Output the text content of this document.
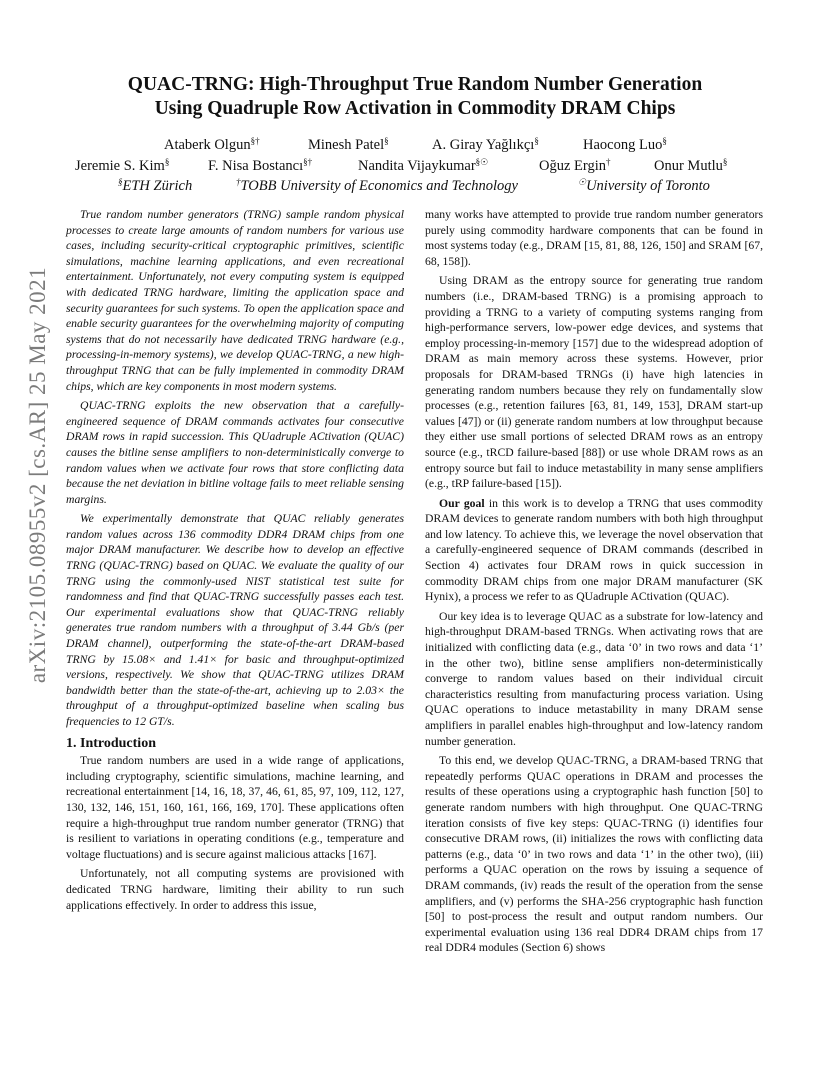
arXiv:2105.08955v2 [cs.AR] 25 May 2021
QUAC-TRNG: High-Throughput True Random Number Generation
Using Quadruple Row Activation in Commodity DRAM Chips
Ataberk Olgun§†	Minesh Patel§	A. Giray Yağlıkçı§	Haocong Luo§
Jeremie S. Kim§	F. Nisa Bostancı§†	Nandita Vijaykumar§☉	Oğuz Ergin†	Onur Mutlu§
§ETH Zürich	†TOBB University of Economics and Technology	☉University of Toronto

True random number generators (TRNG) sample random physical processes to create large amounts of random numbers for various use cases, including security-critical cryptographic primitives, scientific simulations, machine learning applications, and even recreational entertainment. Unfortunately, not every computing system is equipped with dedicated TRNG hardware, limiting the application space and security guarantees for such systems. To open the application space and enable security guarantees for the overwhelming majority of computing systems that do not necessarily have dedicated TRNG hardware (e.g., processing-in-memory systems), we develop QUAC-TRNG, a new high-throughput TRNG that can be fully implemented in commodity DRAM chips, which are key components in most modern systems.

QUAC-TRNG exploits the new observation that a carefully-engineered sequence of DRAM commands activates four consecutive DRAM rows in rapid succession. This QUadruple ACtivation (QUAC) causes the bitline sense amplifiers to non-deterministically converge to random values when we activate four rows that store conflicting data because the net deviation in bitline voltage fails to meet reliable sensing margins.

We experimentally demonstrate that QUAC reliably generates random values across 136 commodity DDR4 DRAM chips from one major DRAM manufacturer. We describe how to develop an effective TRNG (QUAC-TRNG) based on QUAC. We evaluate the quality of our TRNG using the commonly-used NIST statistical test suite for randomness and find that QUAC-TRNG successfully passes each test. Our experimental evaluations show that QUAC-TRNG reliably generates true random numbers with a throughput of 3.44 Gb/s (per DRAM channel), outperforming the state-of-the-art DRAM-based TRNG by 15.08× and 1.41× for basic and throughput-optimized versions, respectively. We show that QUAC-TRNG utilizes DRAM bandwidth better than the state-of-the-art, achieving up to 2.03× the throughput of a throughput-optimized baseline when scaling bus frequencies to 12 GT/s.

1. Introduction

True random numbers are used in a wide range of applications, including cryptography, scientific simulations, machine learning, and recreational entertainment [14, 16, 18, 37, 46, 61, 85, 97, 109, 112, 127, 130, 132, 146, 151, 160, 161, 166, 169, 170]. These applications often require a high-throughput true random number generator (TRNG) that is resilient to variations in operating conditions (e.g., temperature and voltage fluctuations) and is secure against malicious attacks [167].

Unfortunately, not all computing systems are provisioned with dedicated TRNG hardware, limiting their ability to run such applications effectively. In order to address this issue,

many works have attempted to provide true random number generators purely using commodity hardware components that can be found in most systems today (e.g., DRAM [15, 81, 88, 126, 150] and SRAM [67, 68, 158]).

Using DRAM as the entropy source for generating true random numbers (i.e., DRAM-based TRNG) is a promising approach to providing a TRNG to a variety of computing systems ranging from high-performance servers, low-power edge devices, and systems that employ processing-in-memory [157] due to the widespread adoption of DRAM as main memory across these systems. However, prior proposals for DRAM-based TRNGs (i) have high latencies in generating random numbers because they rely on fundamentally slow processes (e.g., retention failures [63, 81, 149, 153], DRAM start-up values [47]) or (ii) generate random numbers at low throughput because they either use small portions of selected DRAM rows as an entropy source (e.g., tRCD failure-based [88]) or use whole DRAM rows as an entropy source but fail to induce metastability in many sense amplifiers (e.g., tRP failure-based [15]).

Our goal in this work is to develop a TRNG that uses commodity DRAM devices to generate random numbers with both high throughput and low latency. To achieve this, we leverage the novel observation that a carefully-engineered sequence of DRAM commands (described in Section 4) activates four DRAM rows in quick succession in commodity DRAM chips from one major DRAM manufacturer (SK Hynix), a process we refer to as QUadruple ACtivation (QUAC).

Our key idea is to leverage QUAC as a substrate for low-latency and high-throughput DRAM-based TRNGs. When activating rows that are initialized with conflicting data (e.g., data ‘0’ in two rows and data ‘1’ in the other two), bitline sense amplifiers non-deterministically converge to random values based on their individual circuit characteristics resulting from manufacturing process variation. Using QUAC operations to induce metastability in many DRAM sense amplifiers in parallel enables high-throughput and low-latency random number generation.

To this end, we develop QUAC-TRNG, a DRAM-based TRNG that repeatedly performs QUAC operations in DRAM and processes the results of these operations using a cryptographic hash function [50] to generate random numbers with high throughput. One QUAC-TRNG iteration consists of five key steps: QUAC-TRNG (i) identifies four consecutive DRAM rows, (ii) initializes the rows with conflicting data patterns (e.g., data ‘0’ in two rows and data ‘1’ in the other two), (iii) performs a QUAC operation on the rows by issuing a sequence of DRAM commands, (iv) reads the result of the operation from the sense amplifiers, and (v) performs the SHA-256 cryptographic hash function [50] to post-process the result and output random numbers. Our experimental evaluation using 136 real DDR4 DRAM chips from 17 real DDR4 modules (Section 6) shows
